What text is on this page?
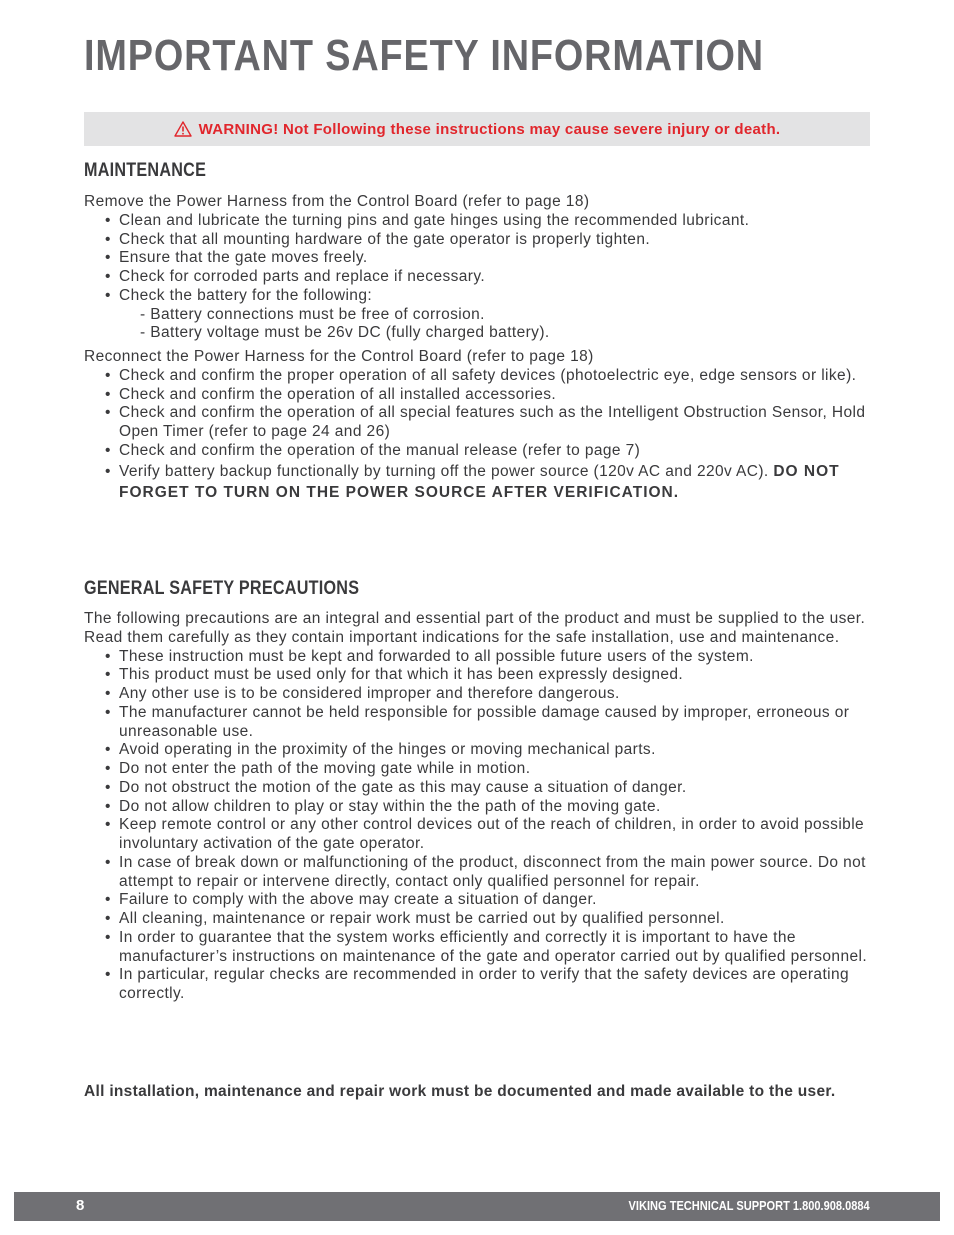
IMPORTANT SAFETY INFORMATION
WARNING! Not Following these instructions may cause severe injury or death.
MAINTENANCE

Remove the Power Harness from the Control Board (refer to page 18)

• Clean and lubricate the turning pins and gate hinges using the recommended lubricant.
• Check that all mounting hardware of the gate operator is properly tighten.
• Ensure that the gate moves freely.
• Check for corroded parts and replace if necessary.
• Check the battery for the following:
- Battery connections must be free of corrosion.
- Battery voltage must be 26v DC (fully charged battery).

Reconnect the Power Harness for the Control Board (refer to page 18)

• Check and confirm the proper operation of all safety devices (photoelectric eye, edge sensors or like).
• Check and confirm the operation of all installed accessories.
• Check and confirm the operation of all special features such as the Intelligent Obstruction Sensor, Hold Open Timer (refer to page 24 and 26)
• Check and confirm the operation of the manual release (refer to page 7)
• Verify battery backup functionally by turning off the power source (120v AC and 220v AC). DO NOT FORGET TO TURN ON THE POWER SOURCE AFTER VERIFICATION.
GENERAL SAFETY PRECAUTIONS

The following precautions are an integral and essential part of the product and must be supplied to the user. Read them carefully as they contain important indications for the safe installation, use and maintenance.

• These instruction must be kept and forwarded to all possible future users of the system.
• This product must be used only for that which it has been expressly designed.
• Any other use is to be considered improper and therefore dangerous.
• The manufacturer cannot be held responsible for possible damage caused by improper, erroneous or unreasonable use.
• Avoid operating in the proximity of the hinges or moving mechanical parts.
• Do not enter the path of the moving gate while in motion.
• Do not obstruct the motion of the gate as this may cause a situation of danger.
• Do not allow children to play or stay within the the path of the moving gate.
• Keep remote control or any other control devices out of the reach of children, in order to avoid possible involuntary activation of the gate operator.
• In case of break down or malfunctioning of the product, disconnect from the main power source. Do not attempt to repair or intervene directly, contact only qualified personnel for repair.
• Failure to comply with the above may create a situation of danger.
• All cleaning, maintenance or repair work must be carried out by qualified personnel.
• In order to guarantee that the system works efficiently and correctly it is important to have the manufacturer’s instructions on maintenance of the gate and operator carried out by qualified personnel.
• In particular, regular checks are recommended in order to verify that the safety devices are operating correctly.
All installation, maintenance and repair work must be documented and made available to the user.
8	VIKING TECHNICAL SUPPORT 1.800.908.0884
